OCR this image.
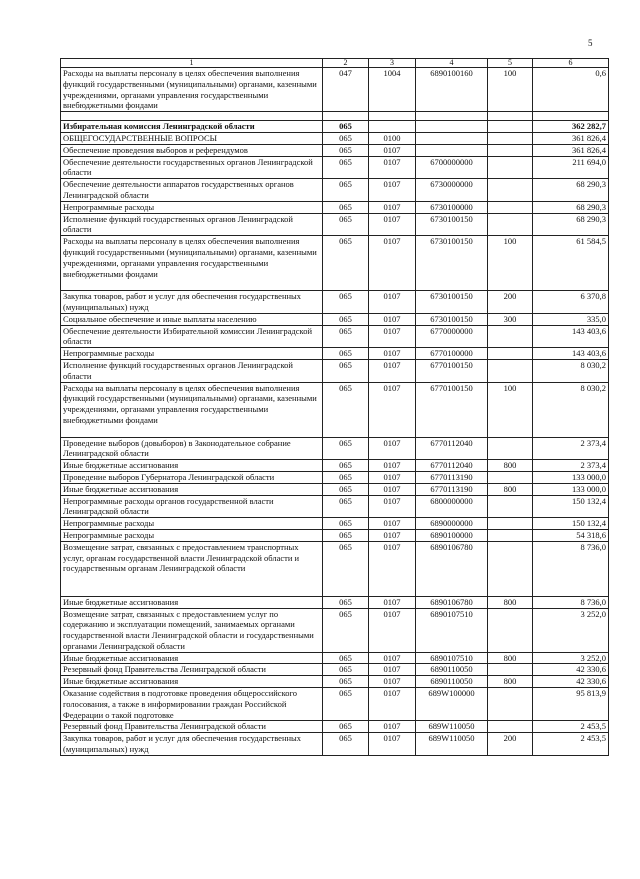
5
1	2	3	4	5	6
Расходы на выплаты персоналу в целях обеспечения выполнения функций государственными (муниципальными) органами, казенными учреждениями, органами управления государственными внебюджетными фондами	047	1004	6890100160	100	0,6

Избирательная комиссия Ленинградской области	065				362 282,7
ОБЩЕГОСУДАРСТВЕННЫЕ ВОПРОСЫ	065	0100			361 826,4
Обеспечение проведения выборов и референдумов	065	0107			361 826,4
Обеспечение деятельности государственных органов Ленинградской области	065	0107	6700000000		211 694,0
Обеспечение деятельности аппаратов государственных органов Ленинградской области	065	0107	6730000000		68 290,3
Непрограммные расходы	065	0107	6730100000		68 290,3
Исполнение функций государственных органов Ленинградской области	065	0107	6730100150		68 290,3
Расходы на выплаты персоналу в целях обеспечения выполнения функций государственными (муниципальными) органами, казенными учреждениями, органами управления государственными внебюджетными фондами	065	0107	6730100150	100	61 584,5
Закупка товаров, работ и услуг для обеспечения государственных (муниципальных) нужд	065	0107	6730100150	200	6 370,8
Социальное обеспечение и иные выплаты населению	065	0107	6730100150	300	335,0
Обеспечение деятельности Избирательной комиссии Ленинградской области	065	0107	6770000000		143 403,6
Непрограммные расходы	065	0107	6770100000		143 403,6
Исполнение функций государственных органов Ленинградской области	065	0107	6770100150		8 030,2
Расходы на выплаты персоналу в целях обеспечения выполнения функций государственными (муниципальными) органами, казенными учреждениями, органами управления государственными внебюджетными фондами	065	0107	6770100150	100	8 030,2
Проведение выборов (довыборов) в Законодательное собрание Ленинградской области	065	0107	6770112040		2 373,4
Иные бюджетные ассигнования	065	0107	6770112040	800	2 373,4
Проведение выборов Губернатора Ленинградской области	065	0107	6770113190		133 000,0
Иные бюджетные ассигнования	065	0107	6770113190	800	133 000,0
Непрограммные расходы органов государственной власти Ленинградской области	065	0107	6800000000		150 132,4
Непрограммные расходы	065	0107	6890000000		150 132,4
Непрограммные расходы	065	0107	6890100000		54 318,6
Возмещение затрат, связанных с предоставлением транспортных услуг, органам государственной власти Ленинградской области и государственным органам Ленинградской области	065	0107	6890106780		8 736,0
Иные бюджетные ассигнования	065	0107	6890106780	800	8 736,0
Возмещение затрат, связанных с предоставлением услуг по содержанию и эксплуатации помещений, занимаемых органами государственной власти Ленинградской области и государственными органами Ленинградской области	065	0107	6890107510		3 252,0
Иные бюджетные ассигнования	065	0107	6890107510	800	3 252,0
Резервный фонд Правительства Ленинградской области	065	0107	6890110050		42 330,6
Иные бюджетные ассигнования	065	0107	6890110050	800	42 330,6
Оказание содействия в подготовке проведения общероссийского голосования, а также в информировании граждан Российской Федерации о такой подготовке	065	0107	689W100000		95 813,9
Резервный фонд Правительства Ленинградской области	065	0107	689W110050		2 453,5
Закупка товаров, работ и услуг для обеспечения государственных (муниципальных) нужд	065	0107	689W110050	200	2 453,5
